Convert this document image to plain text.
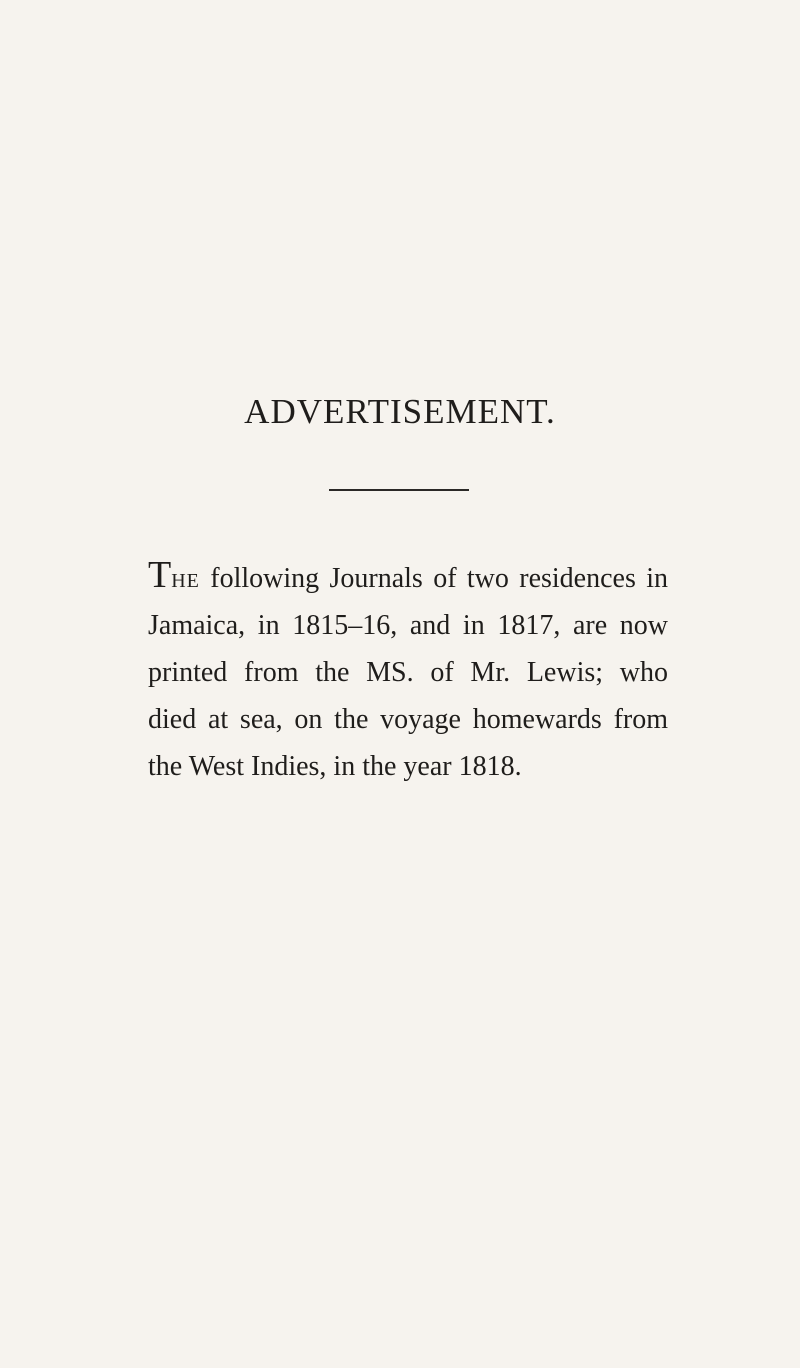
ADVERTISEMENT.
The following Journals of two residences in
Jamaica, in 1815–16, and in 1817, are now
printed from the MS. of Mr. Lewis; who
died at sea, on the voyage homewards from
the West Indies, in the year 1818.
